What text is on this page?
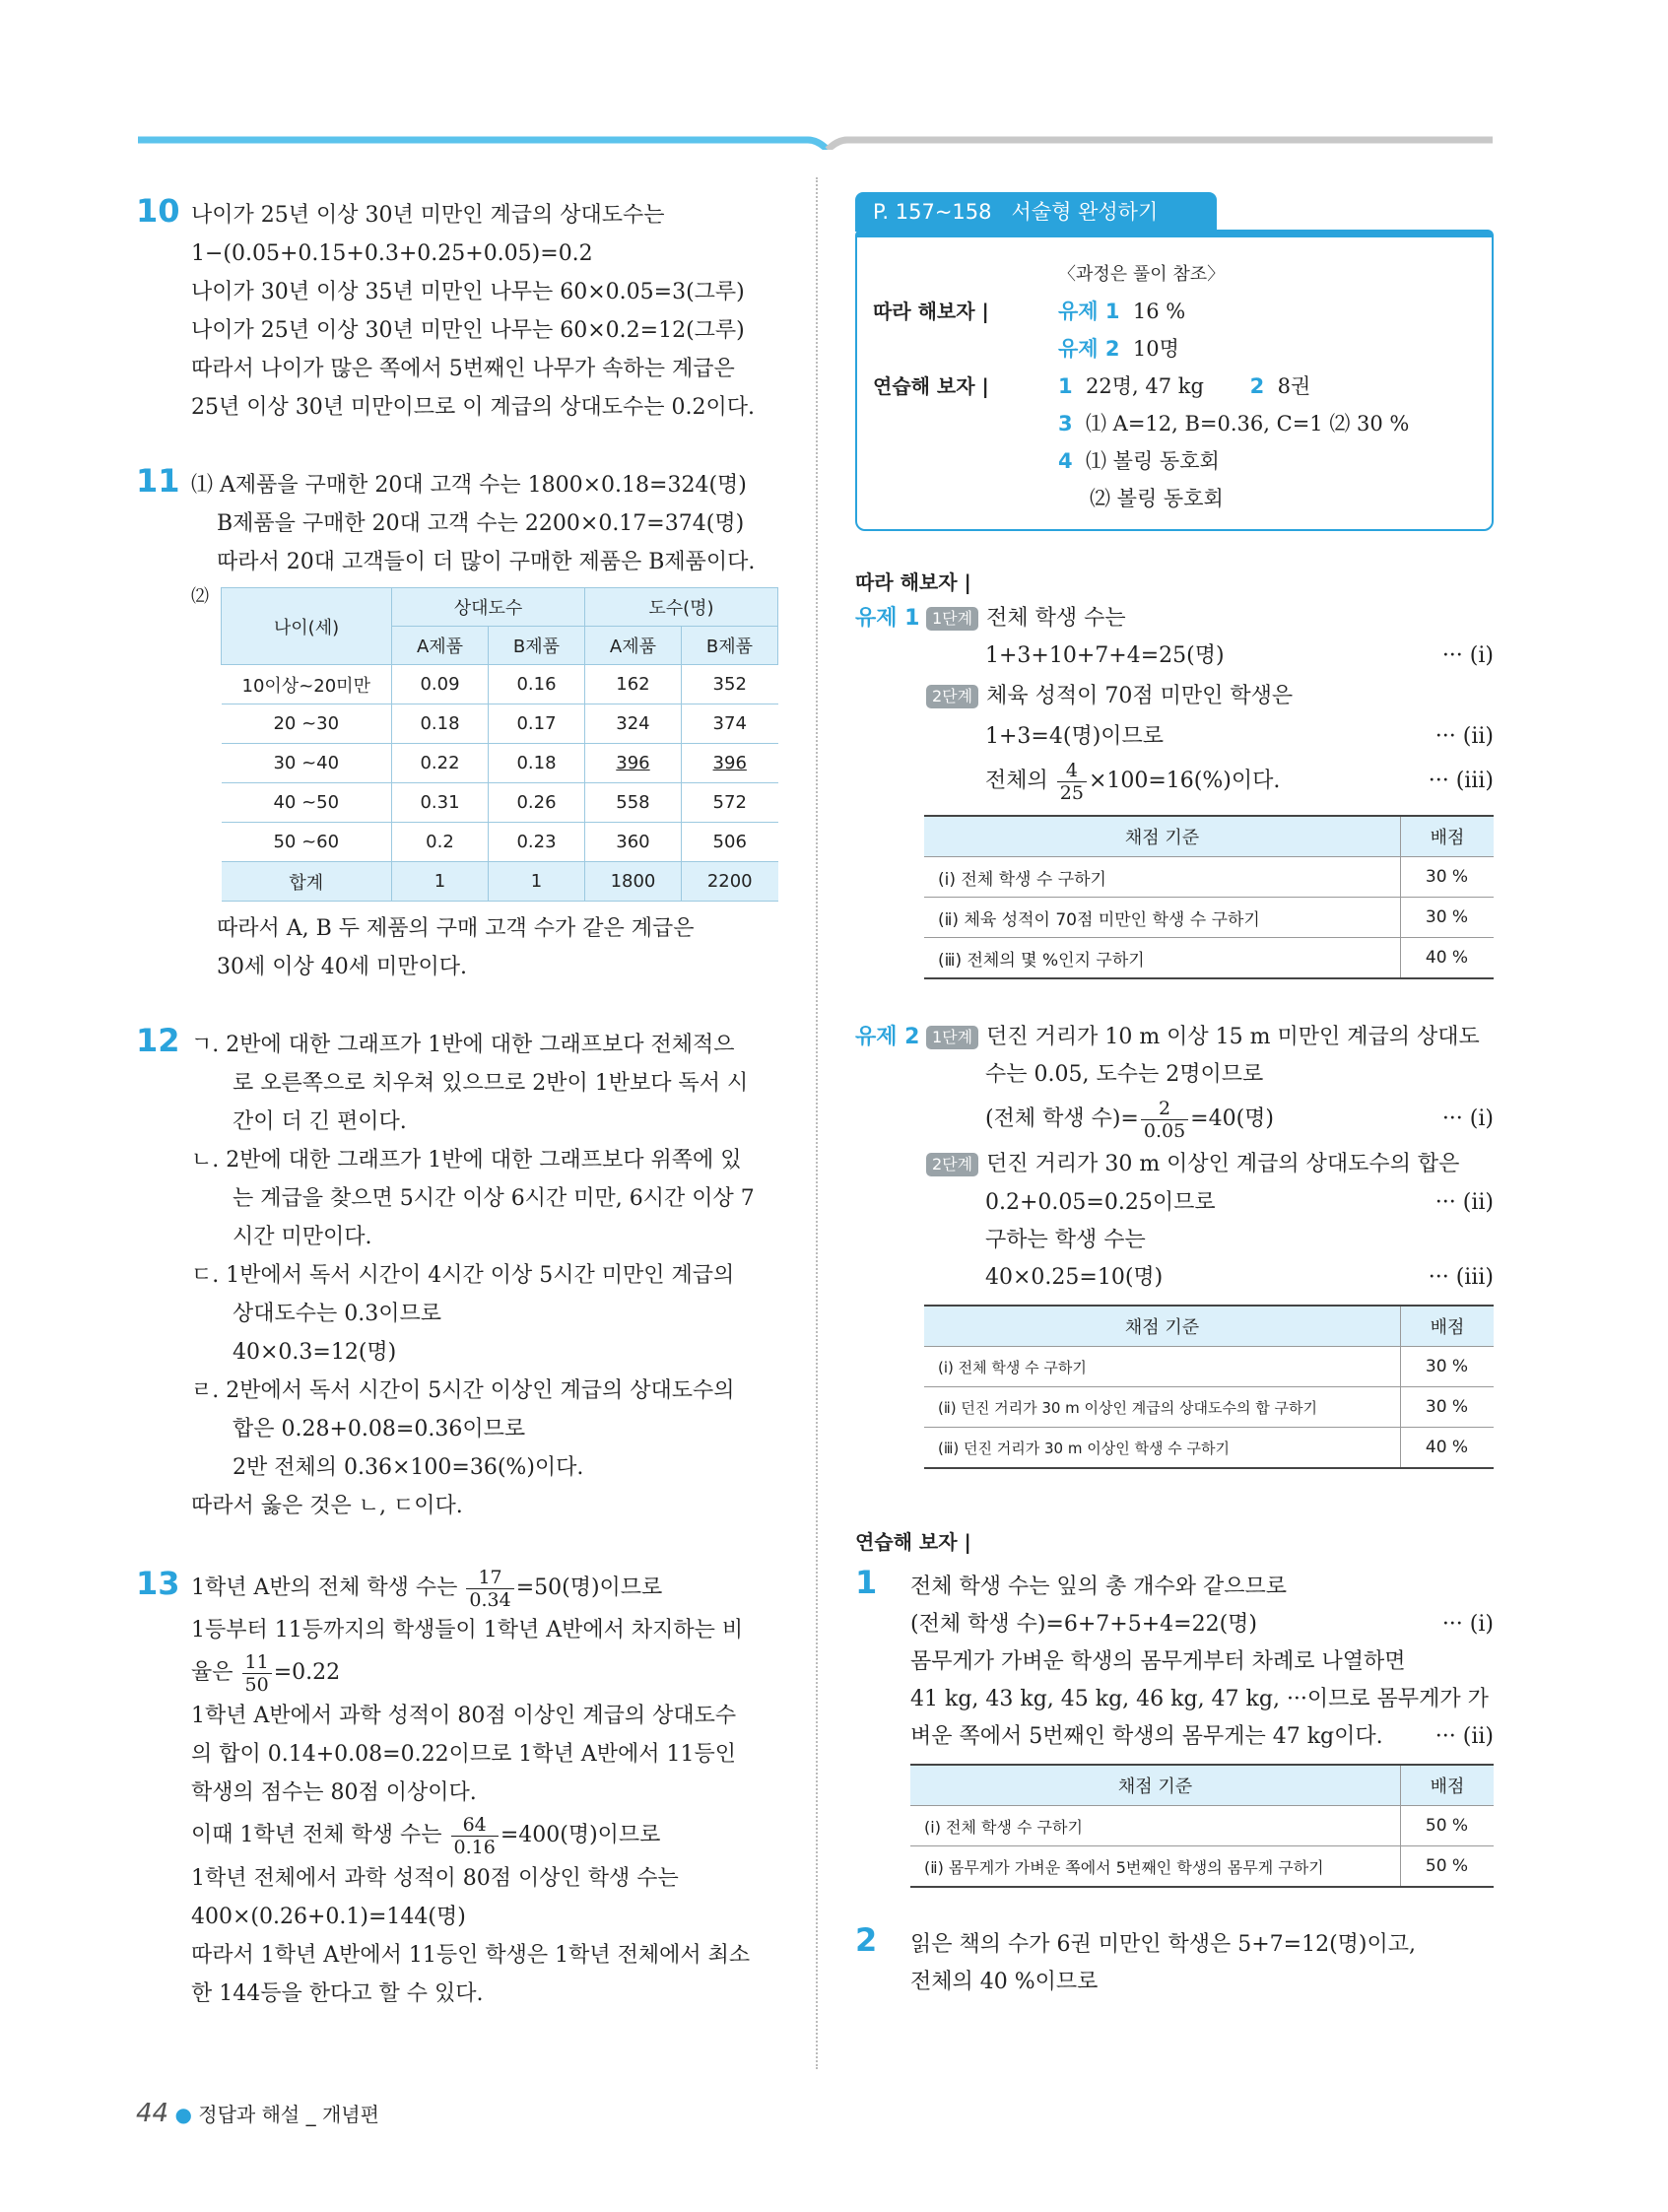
10 나이가 25년 이상 30년 미만인 계급의 상대도수는
1−(0.05+0.15+0.3+0.25+0.05)=0.2
나이가 30년 이상 35년 미만인 나무는 60×0.05=3(그루)
나이가 25년 이상 30년 미만인 나무는 60×0.2=12(그루)
따라서 나이가 많은 쪽에서 5번째인 나무가 속하는 계급은
25년 이상 30년 미만이므로 이 계급의 상대도수는 0.2이다.
11 ⑴ A제품을 구매한 20대 고객 수는 1800×0.18=324(명)
B제품을 구매한 20대 고객 수는 2200×0.17=374(명)
따라서 20대 고객들이 더 많이 구매한 제품은 B제품이다.
⑵
나이(세)	상대도수		도수(명)	
	A제품	B제품	A제품	B제품
10이상~20미만	0.09	0.16	162	352
20 ~30	0.18	0.17	324	374
30 ~40	0.22	0.18	396	396
40 ~50	0.31	0.26	558	572
50 ~60	0.2	0.23	360	506
합계	1	1	1800	2200
따라서 A, B 두 제품의 구매 고객 수가 같은 계급은
30세 이상 40세 미만이다.
12 ㄱ. 2반에 대한 그래프가 1반에 대한 그래프보다 전체적으
로 오른쪽으로 치우쳐 있으므로 2반이 1반보다 독서 시
간이 더 긴 편이다.
ㄴ. 2반에 대한 그래프가 1반에 대한 그래프보다 위쪽에 있
는 계급을 찾으면 5시간 이상 6시간 미만, 6시간 이상 7
시간 미만이다.
ㄷ. 1반에서 독서 시간이 4시간 이상 5시간 미만인 계급의
상대도수는 0.3이므로
40×0.3=12(명)
ㄹ. 2반에서 독서 시간이 5시간 이상인 계급의 상대도수의
합은 0.28+0.08=0.36이므로
2반 전체의 0.36×100=36(%)이다.
따라서 옳은 것은 ㄴ, ㄷ이다.
13 1학년 A반의 전체 학생 수는 $\frac{17}{0.34} =50$(명)이므로
1등부터 11등까지의 학생들이 1학년 A반에서 차지하는 비
율은 $\frac{11}{50} =0.22$
1학년 A반에서 과학 성적이 80점 이상인 계급의 상대도수
의 합이 0.14+0.08=0.22이므로 1학년 A반에서 11등인
학생의 점수는 80점 이상이다.
이때 1학년 전체 학생 수는 $\frac{64}{0.16} =400$(명)이므로
1학년 전체에서 과학 성적이 80점 이상인 학생 수는
400×(0.26+0.1)=144(명)
따라서 1학년 A반에서 11등인 학생은 1학년 전체에서 최소
한 144등을 한다고 할 수 있다.
P. 157~158 서술형 완성하기
〈과정은 풀이 참조〉
따라 해보자 |	유제 1 16 %
유제 2 10명
연습해 보자 |	1 22명, 47 kg 2 8권
3 ⑴ A=12, B=0.36, C=1 ⑵ 30 %
4 ⑴ 볼링 동호회
⑵ 볼링 동호회
따라 해보자 |
유제 1 1단계 전체 학생 수는
1+3+10+7+4=25(명)	··· (ⅰ)
2단계 체육 성적이 70점 미만인 학생은
1+3=4(명)이므로	··· (ⅱ)
전체의 $\frac{4}{25} \times 100=16(\%)$이다.	··· (ⅲ)
채점 기준	배점
(ⅰ) 전체 학생 수 구하기	30 %
(ⅱ) 체육 성적이 70점 미만인 학생 수 구하기	30 %
(ⅲ) 전체의 몇 %인지 구하기	40 %
유제 2 1단계 던진 거리가 10 m 이상 15 m 미만인 계급의 상대도
수는 0.05, 도수는 2명이므로
(전체 학생 수)= $\frac{2}{0.05} =40$(명)	··· (ⅰ)
2단계 던진 거리가 30 m 이상인 계급의 상대도수의 합은
0.2+0.05=0.25이므로	··· (ⅱ)
구하는 학생 수는
40×0.25=10(명)	··· (ⅲ)
채점 기준	배점
(ⅰ) 전체 학생 수 구하기	30 %
(ⅱ) 던진 거리가 30 m 이상인 계급의 상대도수의 합 구하기	30 %
(ⅲ) 던진 거리가 30 m 이상인 학생 수 구하기	40 %
연습해 보자 |
1 전체 학생 수는 잎의 총 개수와 같으므로
(전체 학생 수)=6+7+5+4=22(명)	··· (ⅰ)
몸무게가 가벼운 학생의 몸무게부터 차례로 나열하면
41 kg, 43 kg, 45 kg, 46 kg, 47 kg, ···이므로 몸무게가 가
벼운 쪽에서 5번째인 학생의 몸무게는 47 kg이다. ··· (ⅱ)
채점 기준	배점
(ⅰ) 전체 학생 수 구하기	50 %
(ⅱ) 몸무게가 가벼운 쪽에서 5번째인 학생의 몸무게 구하기	50 %
2 읽은 책의 수가 6권 미만인 학생은 5+7=12(명)이고,
전체의 40 %이므로
44 ● 정답과 해설 _ 개념편
